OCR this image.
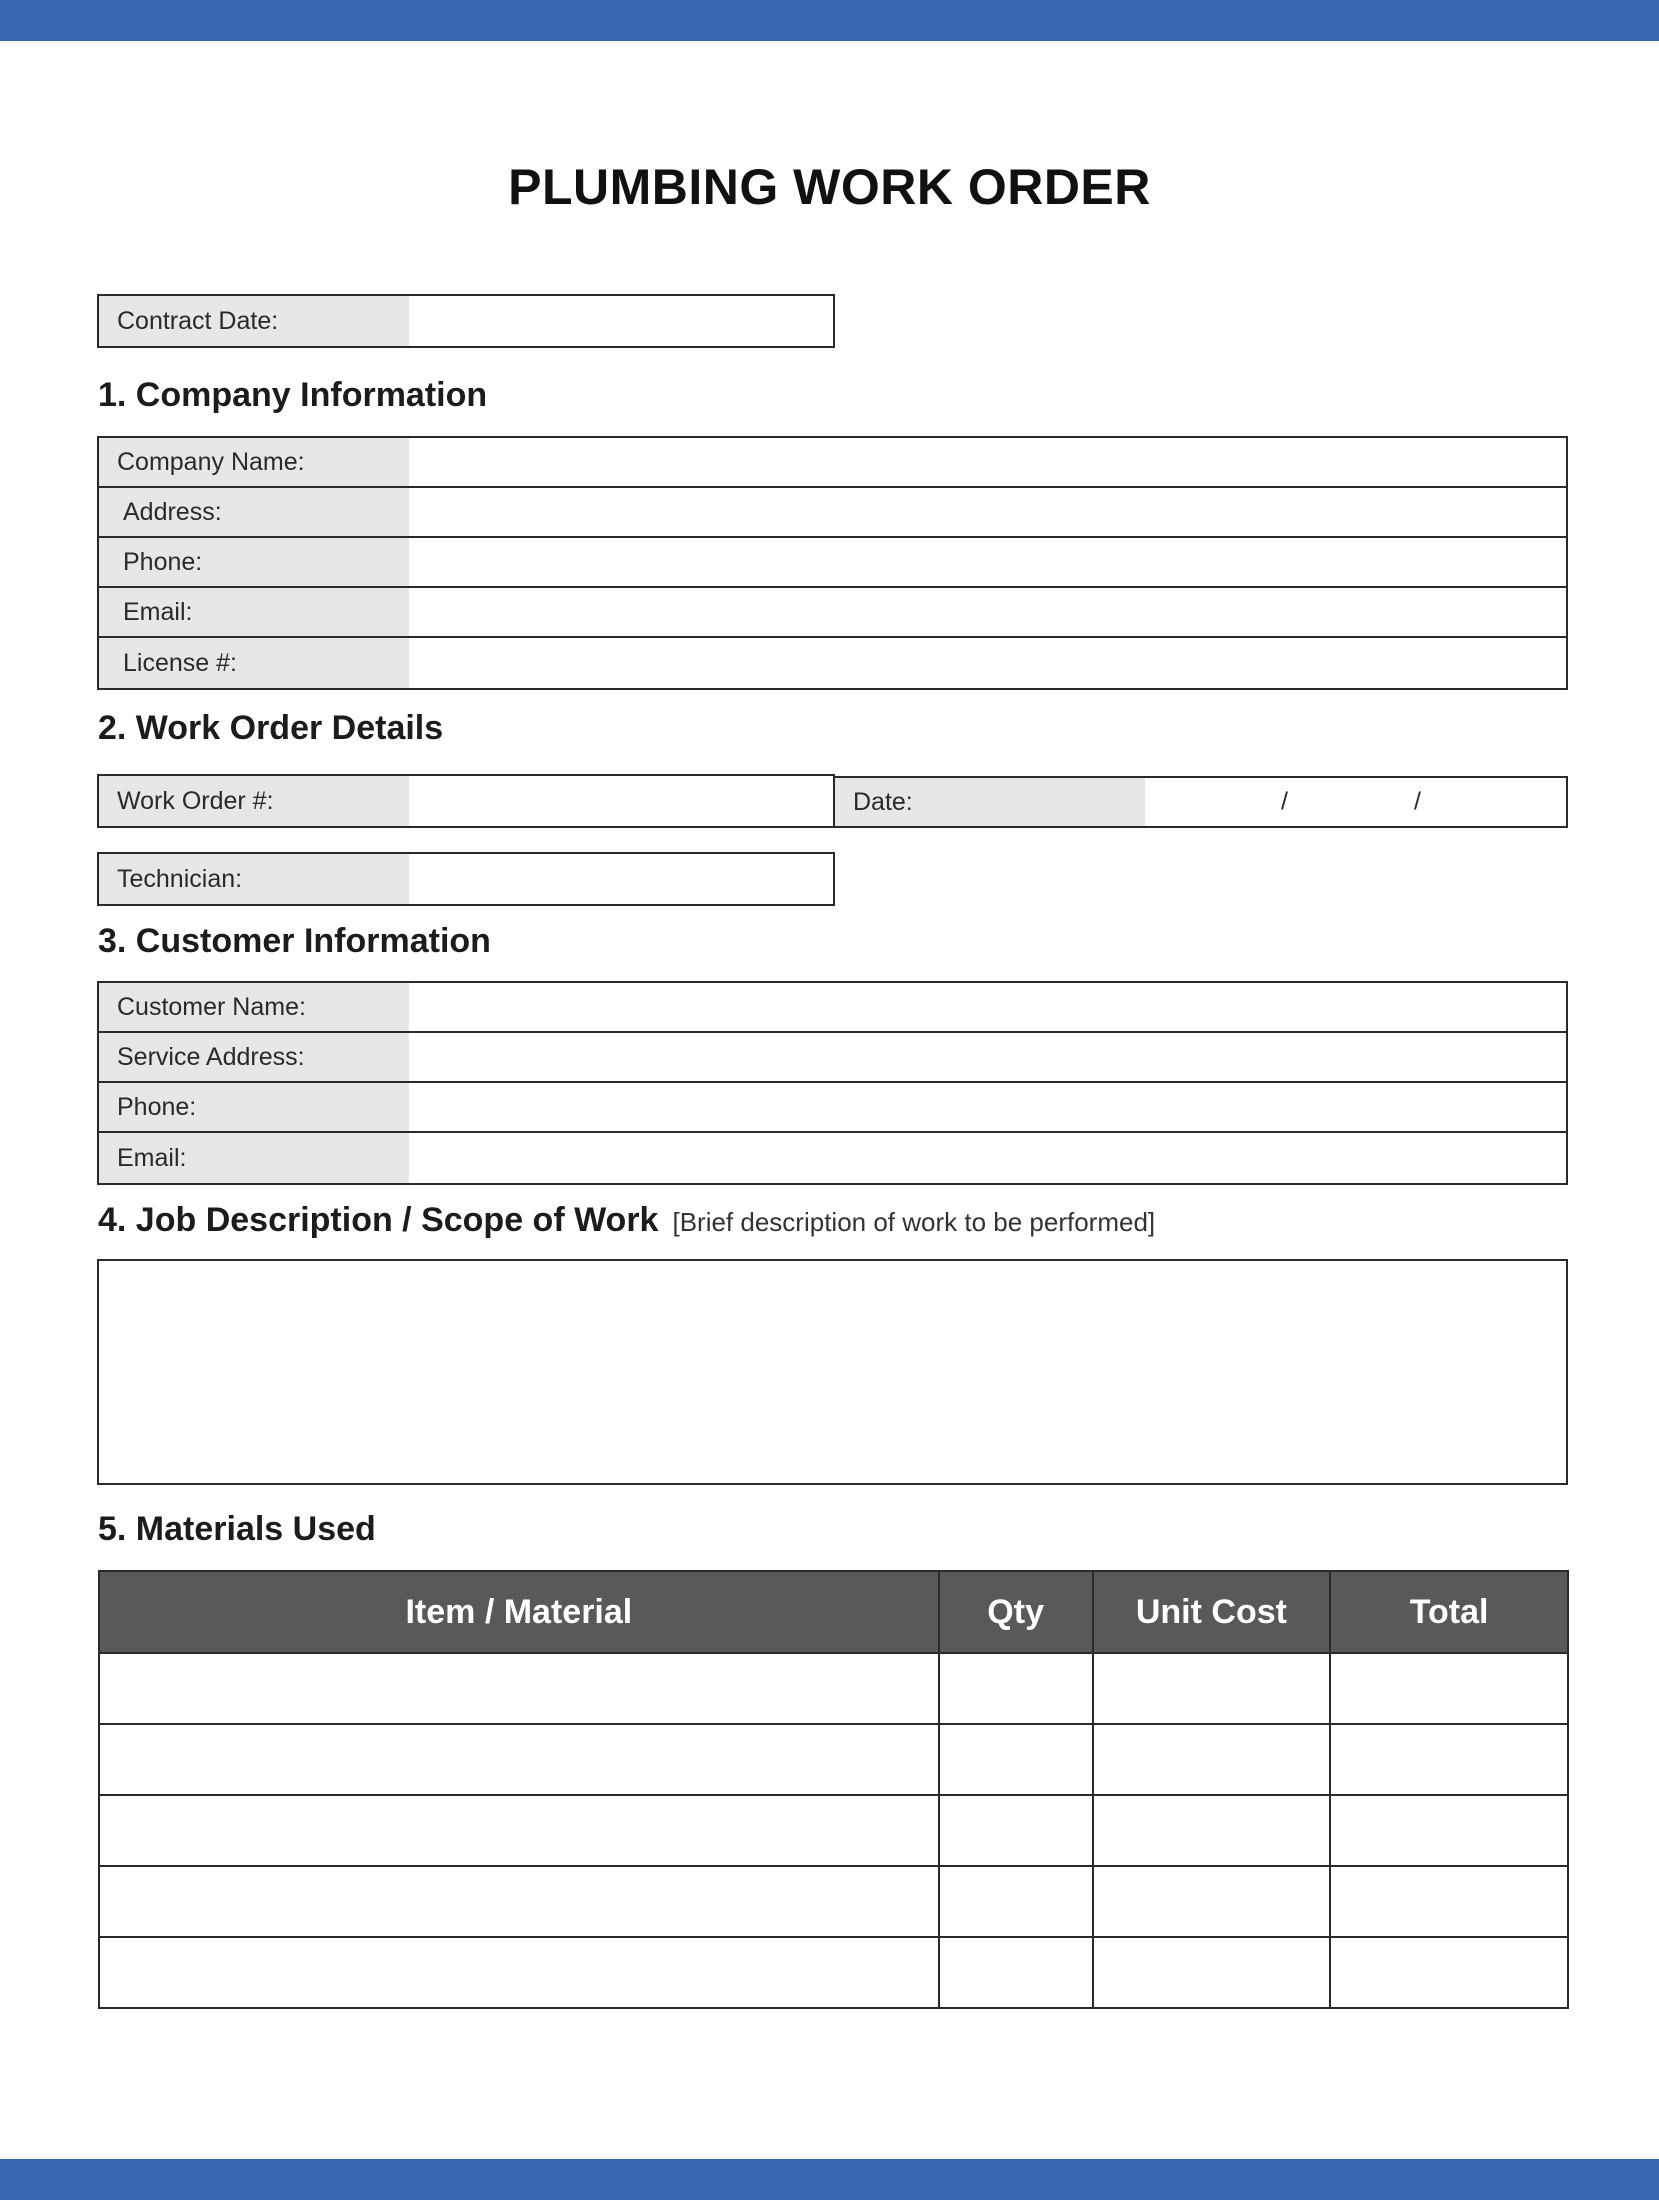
PLUMBING WORK ORDER
Contract Date:
1. Company Information
Company Name:
Address:
Phone:
Email:
License #:
2. Work Order Details
Work Order #:	Date:	/	/
Technician:
3. Customer Information
Customer Name:
Service Address:
Phone:
Email:
4. Job Description / Scope of Work [Brief description of work to be performed]
5. Materials Used
Item / Material	Qty	Unit Cost	Total
